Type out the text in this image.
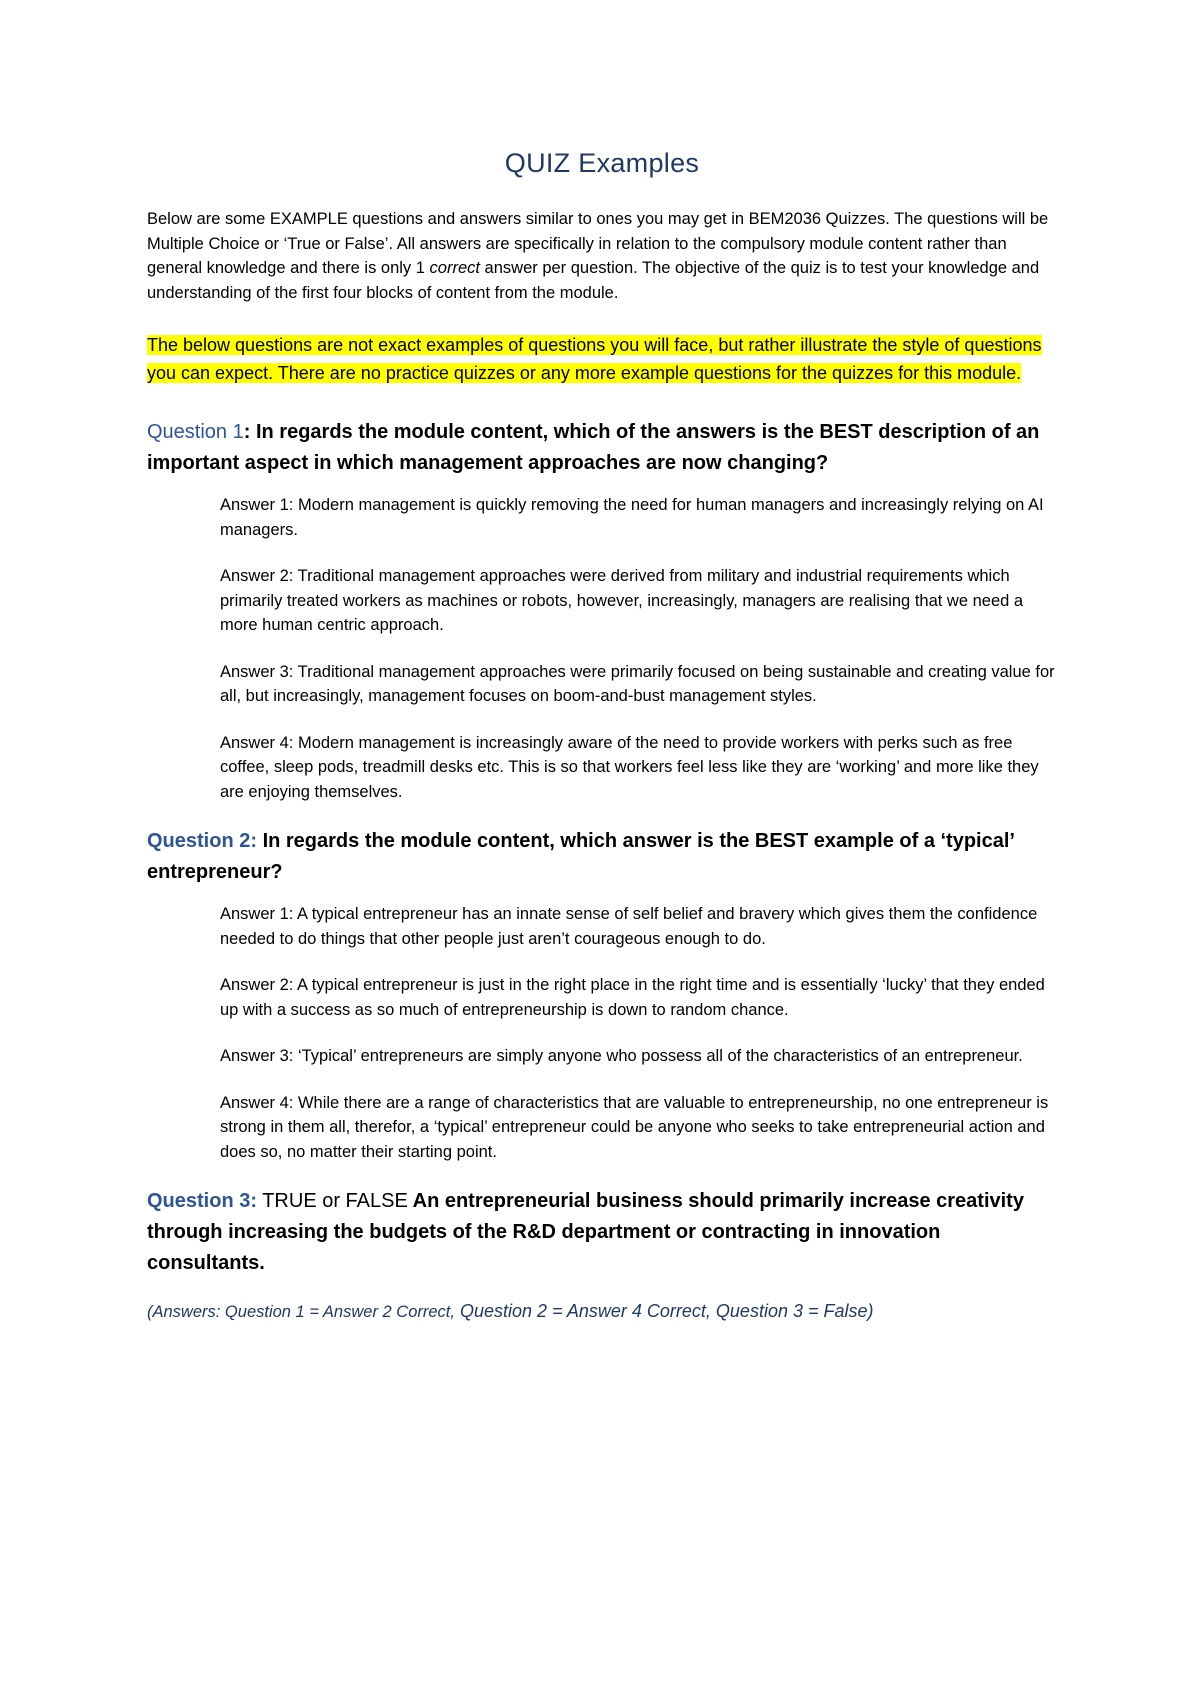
QUIZ Examples

Below are some EXAMPLE questions and answers similar to ones you may get in BEM2036 Quizzes. The questions will be Multiple Choice or ‘True or False’. All answers are specifically in relation to the compulsory module content rather than general knowledge and there is only 1 correct answer per question. The objective of the quiz is to test your knowledge and understanding of the first four blocks of content from the module.

The below questions are not exact examples of questions you will face, but rather illustrate the style of questions you can expect. There are no practice quizzes or any more example questions for the quizzes for this module.

Question 1: In regards the module content, which of the answers is the BEST description of an important aspect in which management approaches are now changing?

Answer 1: Modern management is quickly removing the need for human managers and increasingly relying on AI managers.

Answer 2: Traditional management approaches were derived from military and industrial requirements which primarily treated workers as machines or robots, however, increasingly, managers are realising that we need a more human centric approach.

Answer 3: Traditional management approaches were primarily focused on being sustainable and creating value for all, but increasingly, management focuses on boom-and-bust management styles.

Answer 4: Modern management is increasingly aware of the need to provide workers with perks such as free coffee, sleep pods, treadmill desks etc. This is so that workers feel less like they are ‘working’ and more like they are enjoying themselves.

Question 2: In regards the module content, which answer is the BEST example of a ‘typical’ entrepreneur?

Answer 1: A typical entrepreneur has an innate sense of self belief and bravery which gives them the confidence needed to do things that other people just aren’t courageous enough to do.

Answer 2: A typical entrepreneur is just in the right place in the right time and is essentially ‘lucky’ that they ended up with a success as so much of entrepreneurship is down to random chance.

Answer 3: ‘Typical’ entrepreneurs are simply anyone who possess all of the characteristics of an entrepreneur.

Answer 4: While there are a range of characteristics that are valuable to entrepreneurship, no one entrepreneur is strong in them all, therefor, a ‘typical’ entrepreneur could be anyone who seeks to take entrepreneurial action and does so, no matter their starting point.

Question 3: TRUE or FALSE An entrepreneurial business should primarily increase creativity through increasing the budgets of the R&D department or contracting in innovation consultants.

(Answers: Question 1 = Answer 2 Correct, Question 2 = Answer 4 Correct, Question 3 = False)
